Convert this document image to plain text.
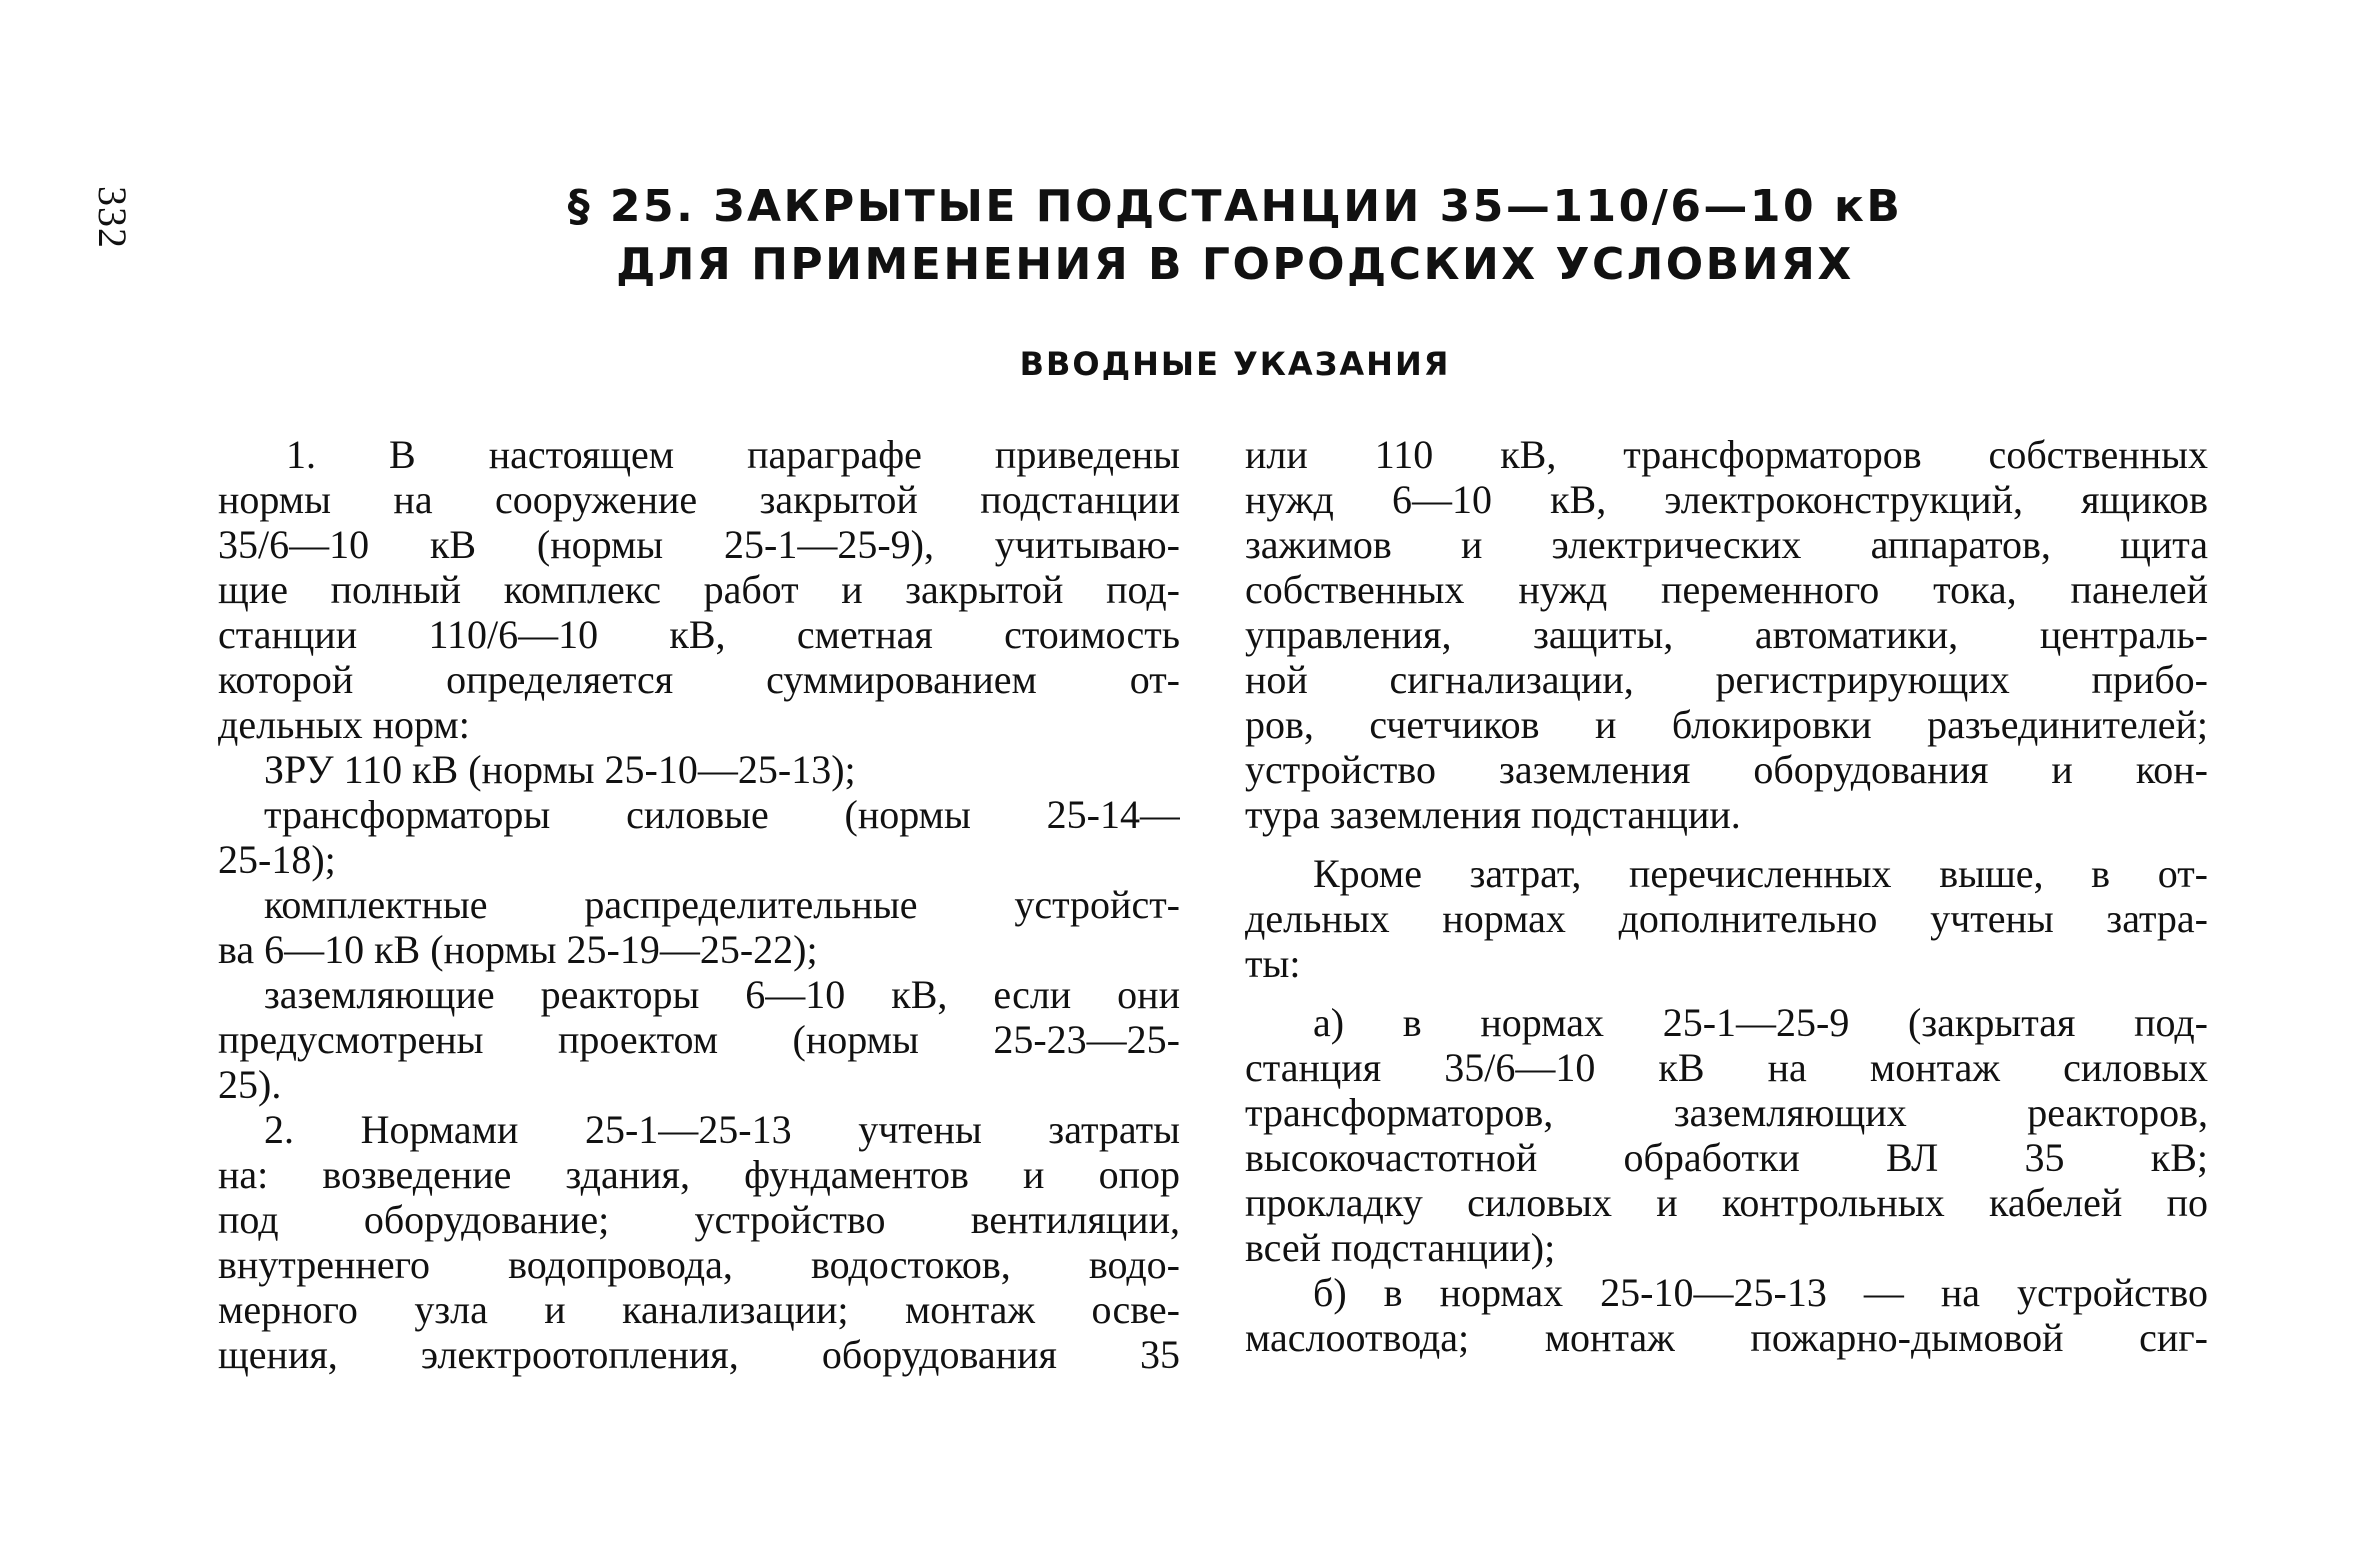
332	§ 25. ЗАКРЫТЫЕ ПОДСТАНЦИИ 35—110/6—10 кВ
ДЛЯ ПРИМЕНЕНИЯ В ГОРОДСКИХ УСЛОВИЯХ
ВВОДНЫЕ УКАЗАНИЯ
1. В настоящем параграфе приведены
нормы на сооружение закрытой подстанции
35/6—10 кВ (нормы 25-1—25-9), учитываю-
щие полный комплекс работ и закрытой под-
станции 110/6—10 кВ, сметная стоимость
которой определяется суммированием от-
дельных норм:
ЗРУ 110 кВ (нормы 25-10—25-13);
трансформаторы силовые (нормы 25-14—
25-18);
комплектные распределительные устройст-
ва 6—10 кВ (нормы 25-19—25-22);
заземляющие реакторы 6—10 кВ, если они
предусмотрены проектом (нормы 25-23—25-
25).
2. Нормами 25-1—25-13 учтены затраты
на: возведение здания, фундаментов и опор
под оборудование; устройство вентиляции,
внутреннего водопровода, водостоков, водо-
мерного узла и канализации; монтаж осве-
щения, электроотопления, оборудования 35
или 110 кВ, трансформаторов собственных
нужд 6—10 кВ, электроконструкций, ящиков
зажимов и электрических аппаратов, щита
собственных нужд переменного тока, панелей
управления, защиты, автоматики, централь-
ной сигнализации, регистрирующих прибо-
ров, счетчиков и блокировки разъединителей;
устройство заземления оборудования и кон-
тура заземления подстанции.
Кроме затрат, перечисленных выше, в от-
дельных нормах дополнительно учтены затра-
ты:
а) в нормах 25-1—25-9 (закрытая под-
станция 35/6—10 кВ на монтаж силовых
трансформаторов, заземляющих реакторов,
высокочастотной обработки ВЛ 35 кВ;
прокладку силовых и контрольных кабелей по
всей подстанции);
б) в нормах 25-10—25-13 — на устройство
маслоотвода; монтаж пожарно-дымовой сиг-
